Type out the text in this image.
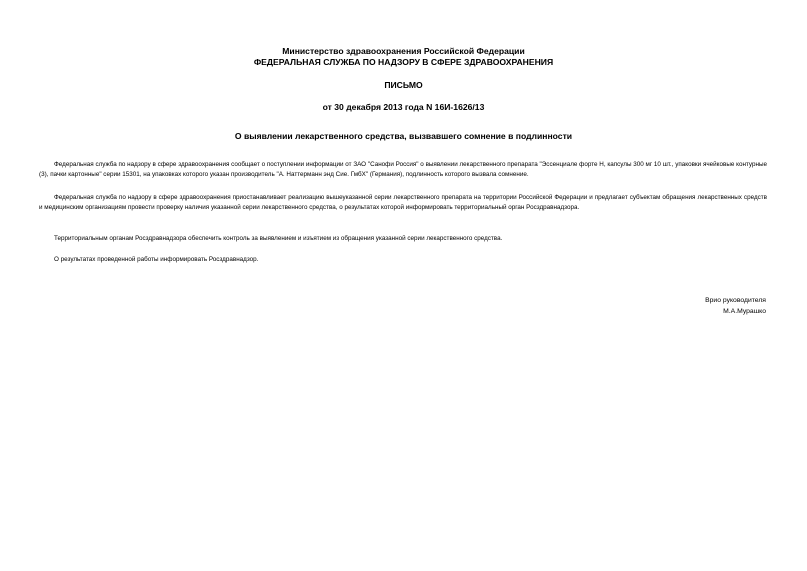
Министерство здравоохранения Российской Федерации
ФЕДЕРАЛЬНАЯ СЛУЖБА ПО НАДЗОРУ В СФЕРЕ ЗДРАВООХРАНЕНИЯ
ПИСЬМО
от 30 декабря 2013 года N 16И-1626/13
О выявлении лекарственного средства, вызвавшего сомнение в подлинности

Федеральная служба по надзору в сфере здравоохранения сообщает о поступлении информации от ЗАО "Санофи Россия" о выявлении лекарственного препарата "Эссенциале форте Н, капсулы 300 мг 10 шт., упаковки ячейковые контурные (3), пачки картонные" серии 15301, на упаковках которого указан производитель "А. Наттерманн энд Сие. ГмбХ" (Германия), подлинность которого вызвала сомнение.

Федеральная служба по надзору в сфере здравоохранения приостанавливает реализацию вышеуказанной серии лекарственного препарата на территории Российской Федерации и предлагает субъектам обращения лекарственных средств и медицинским организациям провести проверку наличия указанной серии лекарственного средства, о результатах которой информировать территориальный орган Росздравнадзора.

Территориальным органам Росздравнадзора обеспечить контроль за выявлением и изъятием из обращения указанной серии лекарственного средства.

О результатах проведенной работы информировать Росздравнадзор.

Врио руководителя
М.А.Мурашко
